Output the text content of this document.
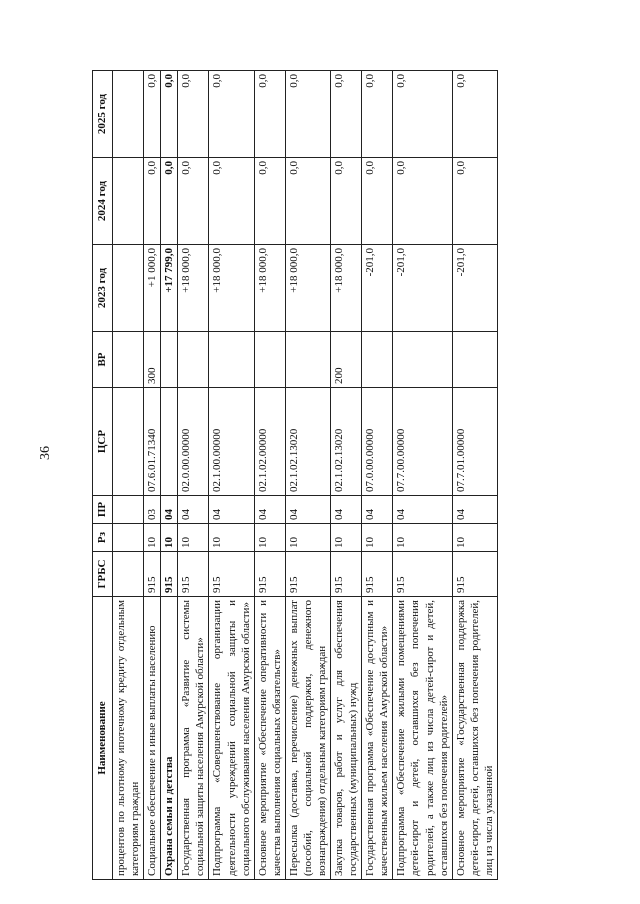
36
Наименование	ГРБС	Рз	ПР	ЦСР	ВР	2023 год	2024 год	2025 год
процентов по льготному ипотечному кредиту отдельным категориям граждан								
Социальное обеспечение и иные выплаты населению	915	10	03	07.6.01.71340	300	+1 000,0	0,0	0,0
Охрана семьи и детства	915	10	04			+17 799,0	0,0	0,0
Государственная программа «Развитие системы социальной защиты населения Амурской области»	915	10	04	02.0.00.00000		+18 000,0	0,0	0,0
Подпрограмма «Совершенствование организации деятельности учреждений социальной защиты и социального обслуживания населения Амурской области»	915	10	04	02.1.00.00000		+18 000,0	0,0	0,0
Основное мероприятие «Обеспечение оперативности и качества выполнения социальных обязательств»	915	10	04	02.1.02.00000		+18 000,0	0,0	0,0
Пересылка (доставка, перечисление) денежных выплат (пособий, социальной поддержки, денежного вознаграждения) отдельным категориям граждан	915	10	04	02.1.02.13020		+18 000,0	0,0	0,0
Закупка товаров, работ и услуг для обеспечения государственных (муниципальных) нужд	915	10	04	02.1.02.13020	200	+18 000,0	0,0	0,0
Государственная программа «Обеспечение доступным и качественным жильем населения Амурской области»	915	10	04	07.0.00.00000		-201,0	0,0	0,0
Подпрограмма «Обеспечение жилыми помещениями детей-сирот и детей, оставшихся без попечения родителей, а также лиц из числа детей-сирот и детей, оставшихся без попечения родителей»	915	10	04	07.7.00.00000		-201,0	0,0	0,0
Основное мероприятие «Государственная поддержка детей-сирот, детей, оставшихся без попечения родителей, лиц из числа указанной	915	10	04	07.7.01.00000		-201,0	0,0	0,0
